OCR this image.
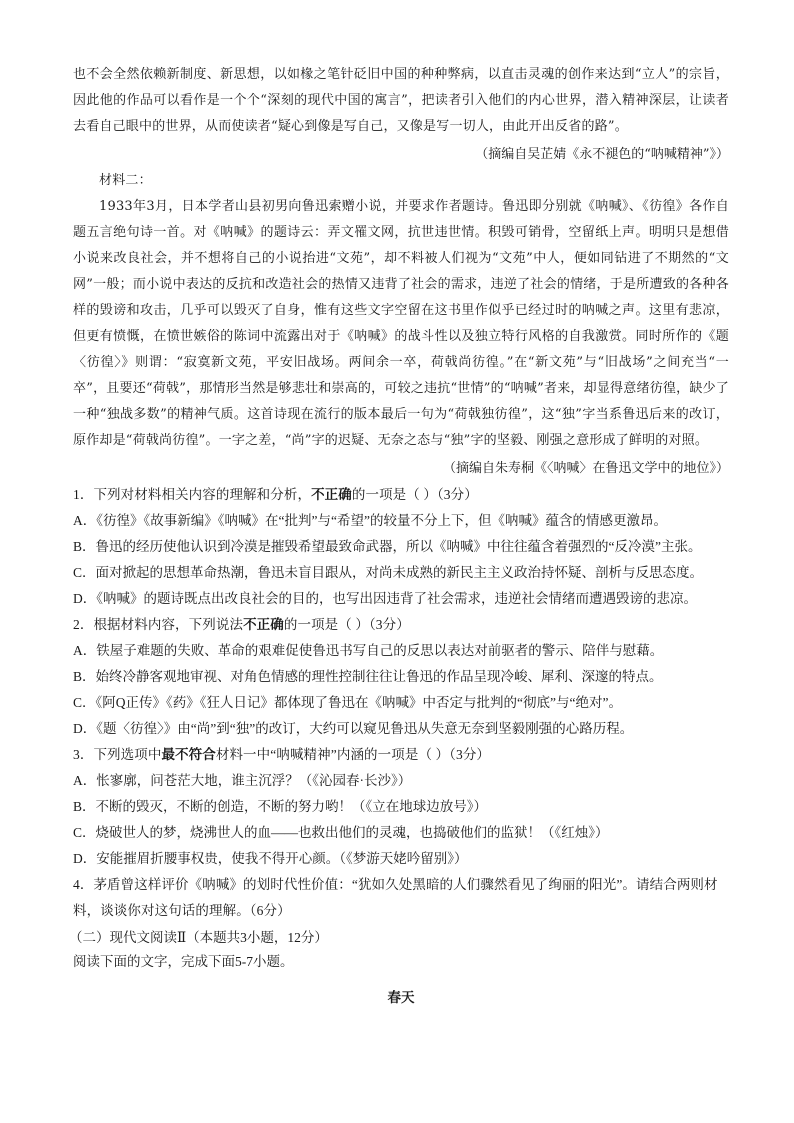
也不会全然依赖新制度、新思想，以如椽之笔针砭旧中国的种种弊病，以直击灵魂的创作来达到“立人”的宗旨，因此他的作品可以看作是一个个“深刻的现代中国的寓言”，把读者引入他们的内心世界，潜入精神深层，让读者去看自己眼中的世界，从而使读者“疑心到像是写自己，又像是写一切人，由此开出反省的路”。

（摘编自吴芷婧《永不褪色的“呐喊精神”》）

材料二：

1933年3月，日本学者山县初男向鲁迅索赠小说，并要求作者题诗。鲁迅即分别就《呐喊》、《彷徨》各作自题五言绝句诗一首。对《呐喊》的题诗云：弄文罹文网，抗世违世情。积毁可销骨，空留纸上声。明明只是想借小说来改良社会，并不想将自己的小说抬进“文苑”，却不料被人们视为“文苑”中人，便如同钻进了不期然的“文网”一般；而小说中表达的反抗和改造社会的热情又违背了社会的需求，违逆了社会的情绪，于是所遭致的各种各样的毁谤和攻击，几乎可以毁灭了自身，惟有这些文字空留在这书里作似乎已经过时的呐喊之声。这里有悲凉，但更有愤慨，在愤世嫉俗的陈词中流露出对于《呐喊》的战斗性以及独立特行风格的自我激赏。同时所作的《题〈彷徨〉》则谓：“寂寞新文苑，平安旧战场。两间余一卒，荷戟尚彷徨。”在“新文苑”与“旧战场”之间充当“一卒”，且要还“荷戟”，那情形当然是够悲壮和崇高的，可较之违抗“世情”的“呐喊”者来，却显得意绪彷徨，缺少了一种“独战多数”的精神气质。这首诗现在流行的版本最后一句为“荷戟独彷徨”，这“独”字当系鲁迅后来的改订，原作却是“荷戟尚彷徨”。一字之差，“尚”字的迟疑、无奈之态与“独”字的坚毅、刚强之意形成了鲜明的对照。

（摘编自朱寿桐《〈呐喊〉在鲁迅文学中的地位》）

1．下列对材料相关内容的理解和分析，不正确的一项是（ ）（3分）

A．《彷徨》《故事新编》《呐喊》在“批判”与“希望”的较量不分上下，但《呐喊》蕴含的情感更激昂。

B．鲁迅的经历使他认识到冷漠是摧毁希望最致命武器，所以《呐喊》中往往蕴含着强烈的“反冷漠”主张。

C．面对掀起的思想革命热潮，鲁迅未盲目跟从，对尚未成熟的新民主主义政治持怀疑、剖析与反思态度。

D．《呐喊》的题诗既点出改良社会的目的，也写出因违背了社会需求，违逆社会情绪而遭遇毁谤的悲凉。

2．根据材料内容，下列说法不正确的一项是（ ）（3分）

A．铁屋子难题的失败、革命的艰难促使鲁迅书写自己的反思以表达对前驱者的警示、陪伴与慰藉。

B．始终冷静客观地审视、对角色情感的理性控制往往让鲁迅的作品呈现冷峻、犀利、深邃的特点。

C．《阿Q正传》《药》《狂人日记》都体现了鲁迅在《呐喊》中否定与批判的“彻底”与“绝对”。

D．《题〈彷徨〉》由“尚”到“独”的改订，大约可以窥见鲁迅从失意无奈到坚毅刚强的心路历程。

3．下列选项中最不符合材料一中“呐喊精神”内涵的一项是（ ）（3分）

A．怅寥廓，问苍茫大地，谁主沉浮？（《沁园春·长沙》）

B．不断的毁灭，不断的创造，不断的努力哟！（《立在地球边放号》）

C．烧破世人的梦，烧沸世人的血——也救出他们的灵魂，也捣破他们的监狱！（《红烛》）

D．安能摧眉折腰事权贵，使我不得开心颜。（《梦游天姥吟留别》）

4．茅盾曾这样评价《呐喊》的划时代性价值：“犹如久处黑暗的人们骤然看见了绚丽的阳光”。请结合两则材料，谈谈你对这句话的理解。（6分）

（二）现代文阅读Ⅱ（本题共3小题，12分）

阅读下面的文字，完成下面5-7小题。

春天
